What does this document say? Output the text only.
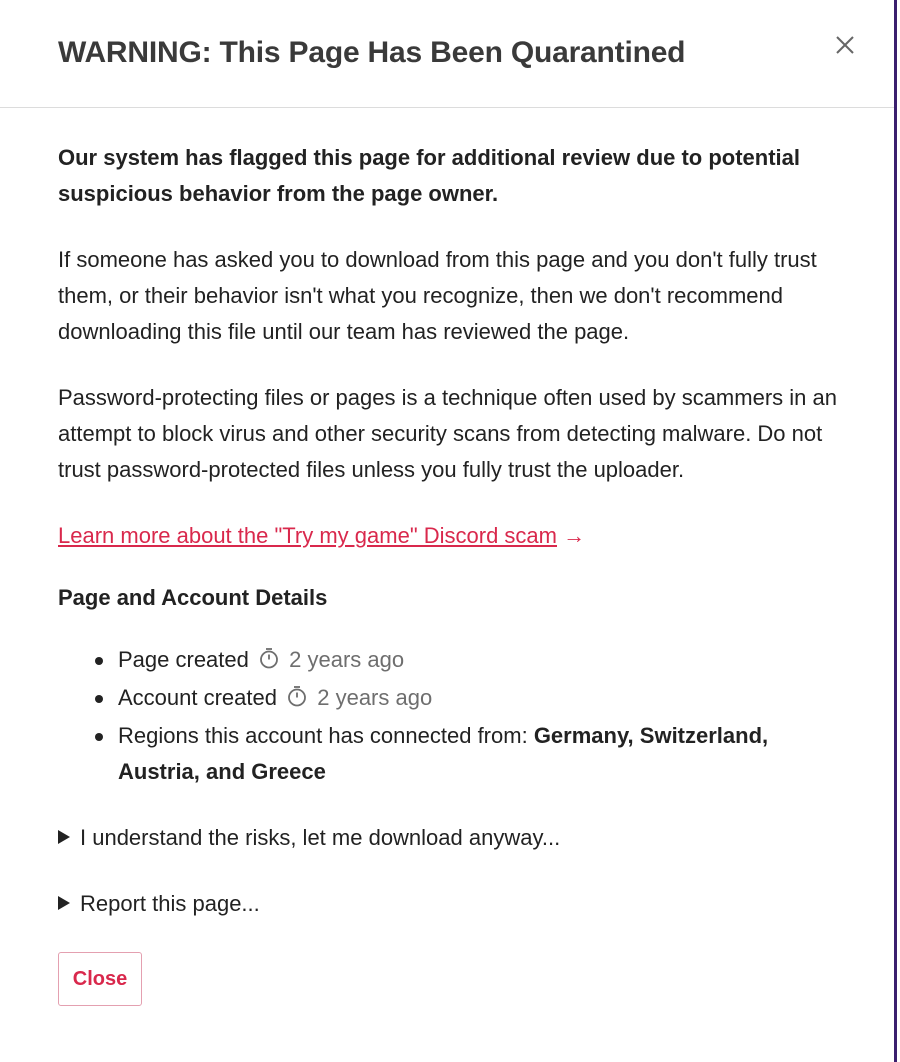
WARNING: This Page Has Been Quarantined

Our system has flagged this page for additional review due to potential suspicious behavior from the page owner.

If someone has asked you to download from this page and you don't fully trust them, or their behavior isn't what you recognize, then we don't recommend downloading this file until our team has reviewed the page.

Password-protecting files or pages is a technique often used by scammers in an attempt to block virus and other security scans from detecting malware. Do not trust password-protected files unless you fully trust the uploader.

Learn more about the "Try my game" Discord scam →
Page and Account Details
Page created 2 years ago
Account created 2 years ago
Regions this account has connected from: Germany, Switzerland, Austria, and Greece
I understand the risks, let me download anyway...
Report this page...
Close
